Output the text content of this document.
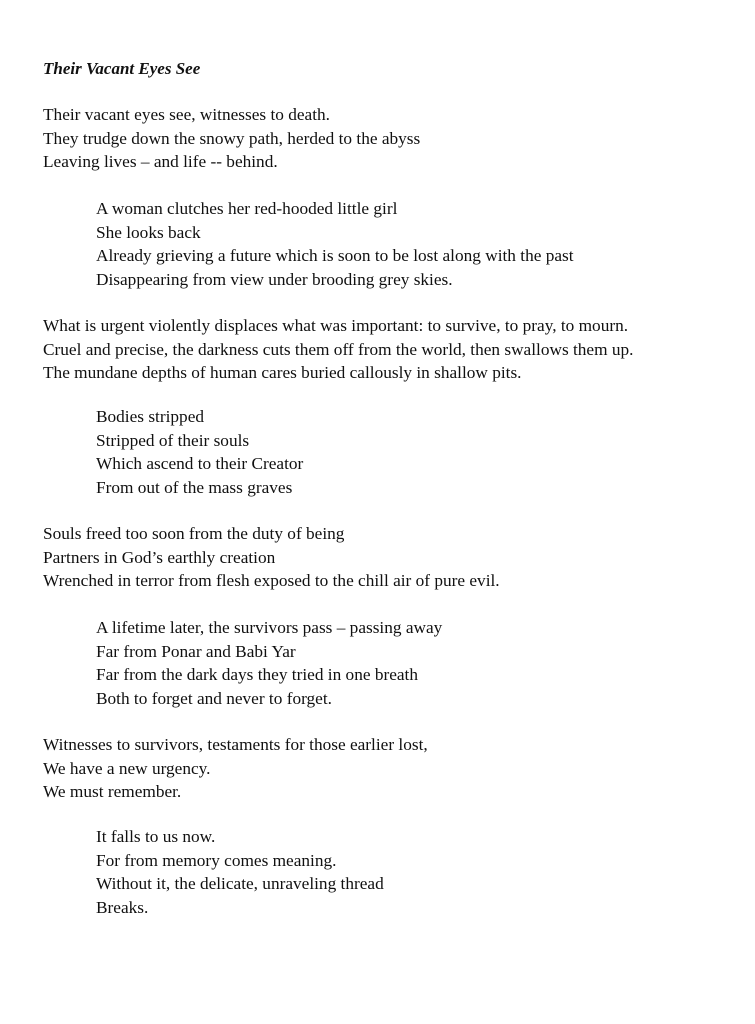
Their Vacant Eyes See
Their vacant eyes see, witnesses to death.
They trudge down the snowy path, herded to the abyss
Leaving lives – and life -- behind.
A woman clutches her red-hooded little girl
She looks back
Already grieving a future which is soon to be lost along with the past
Disappearing from view under brooding grey skies.
What is urgent violently displaces what was important: to survive, to pray, to mourn.
Cruel and precise, the darkness cuts them off from the world, then swallows them up.
The mundane depths of human cares buried callously in shallow pits.
Bodies stripped
Stripped of their souls
Which ascend to their Creator
From out of the mass graves
Souls freed too soon from the duty of being
Partners in God’s earthly creation
Wrenched in terror from flesh exposed to the chill air of pure evil.
A lifetime later, the survivors pass – passing away
Far from Ponar and Babi Yar
Far from the dark days they tried in one breath
Both to forget and never to forget.
Witnesses to survivors, testaments for those earlier lost,
We have a new urgency.
We must remember.
It falls to us now.
For from memory comes meaning.
Without it, the delicate, unraveling thread
Breaks.
